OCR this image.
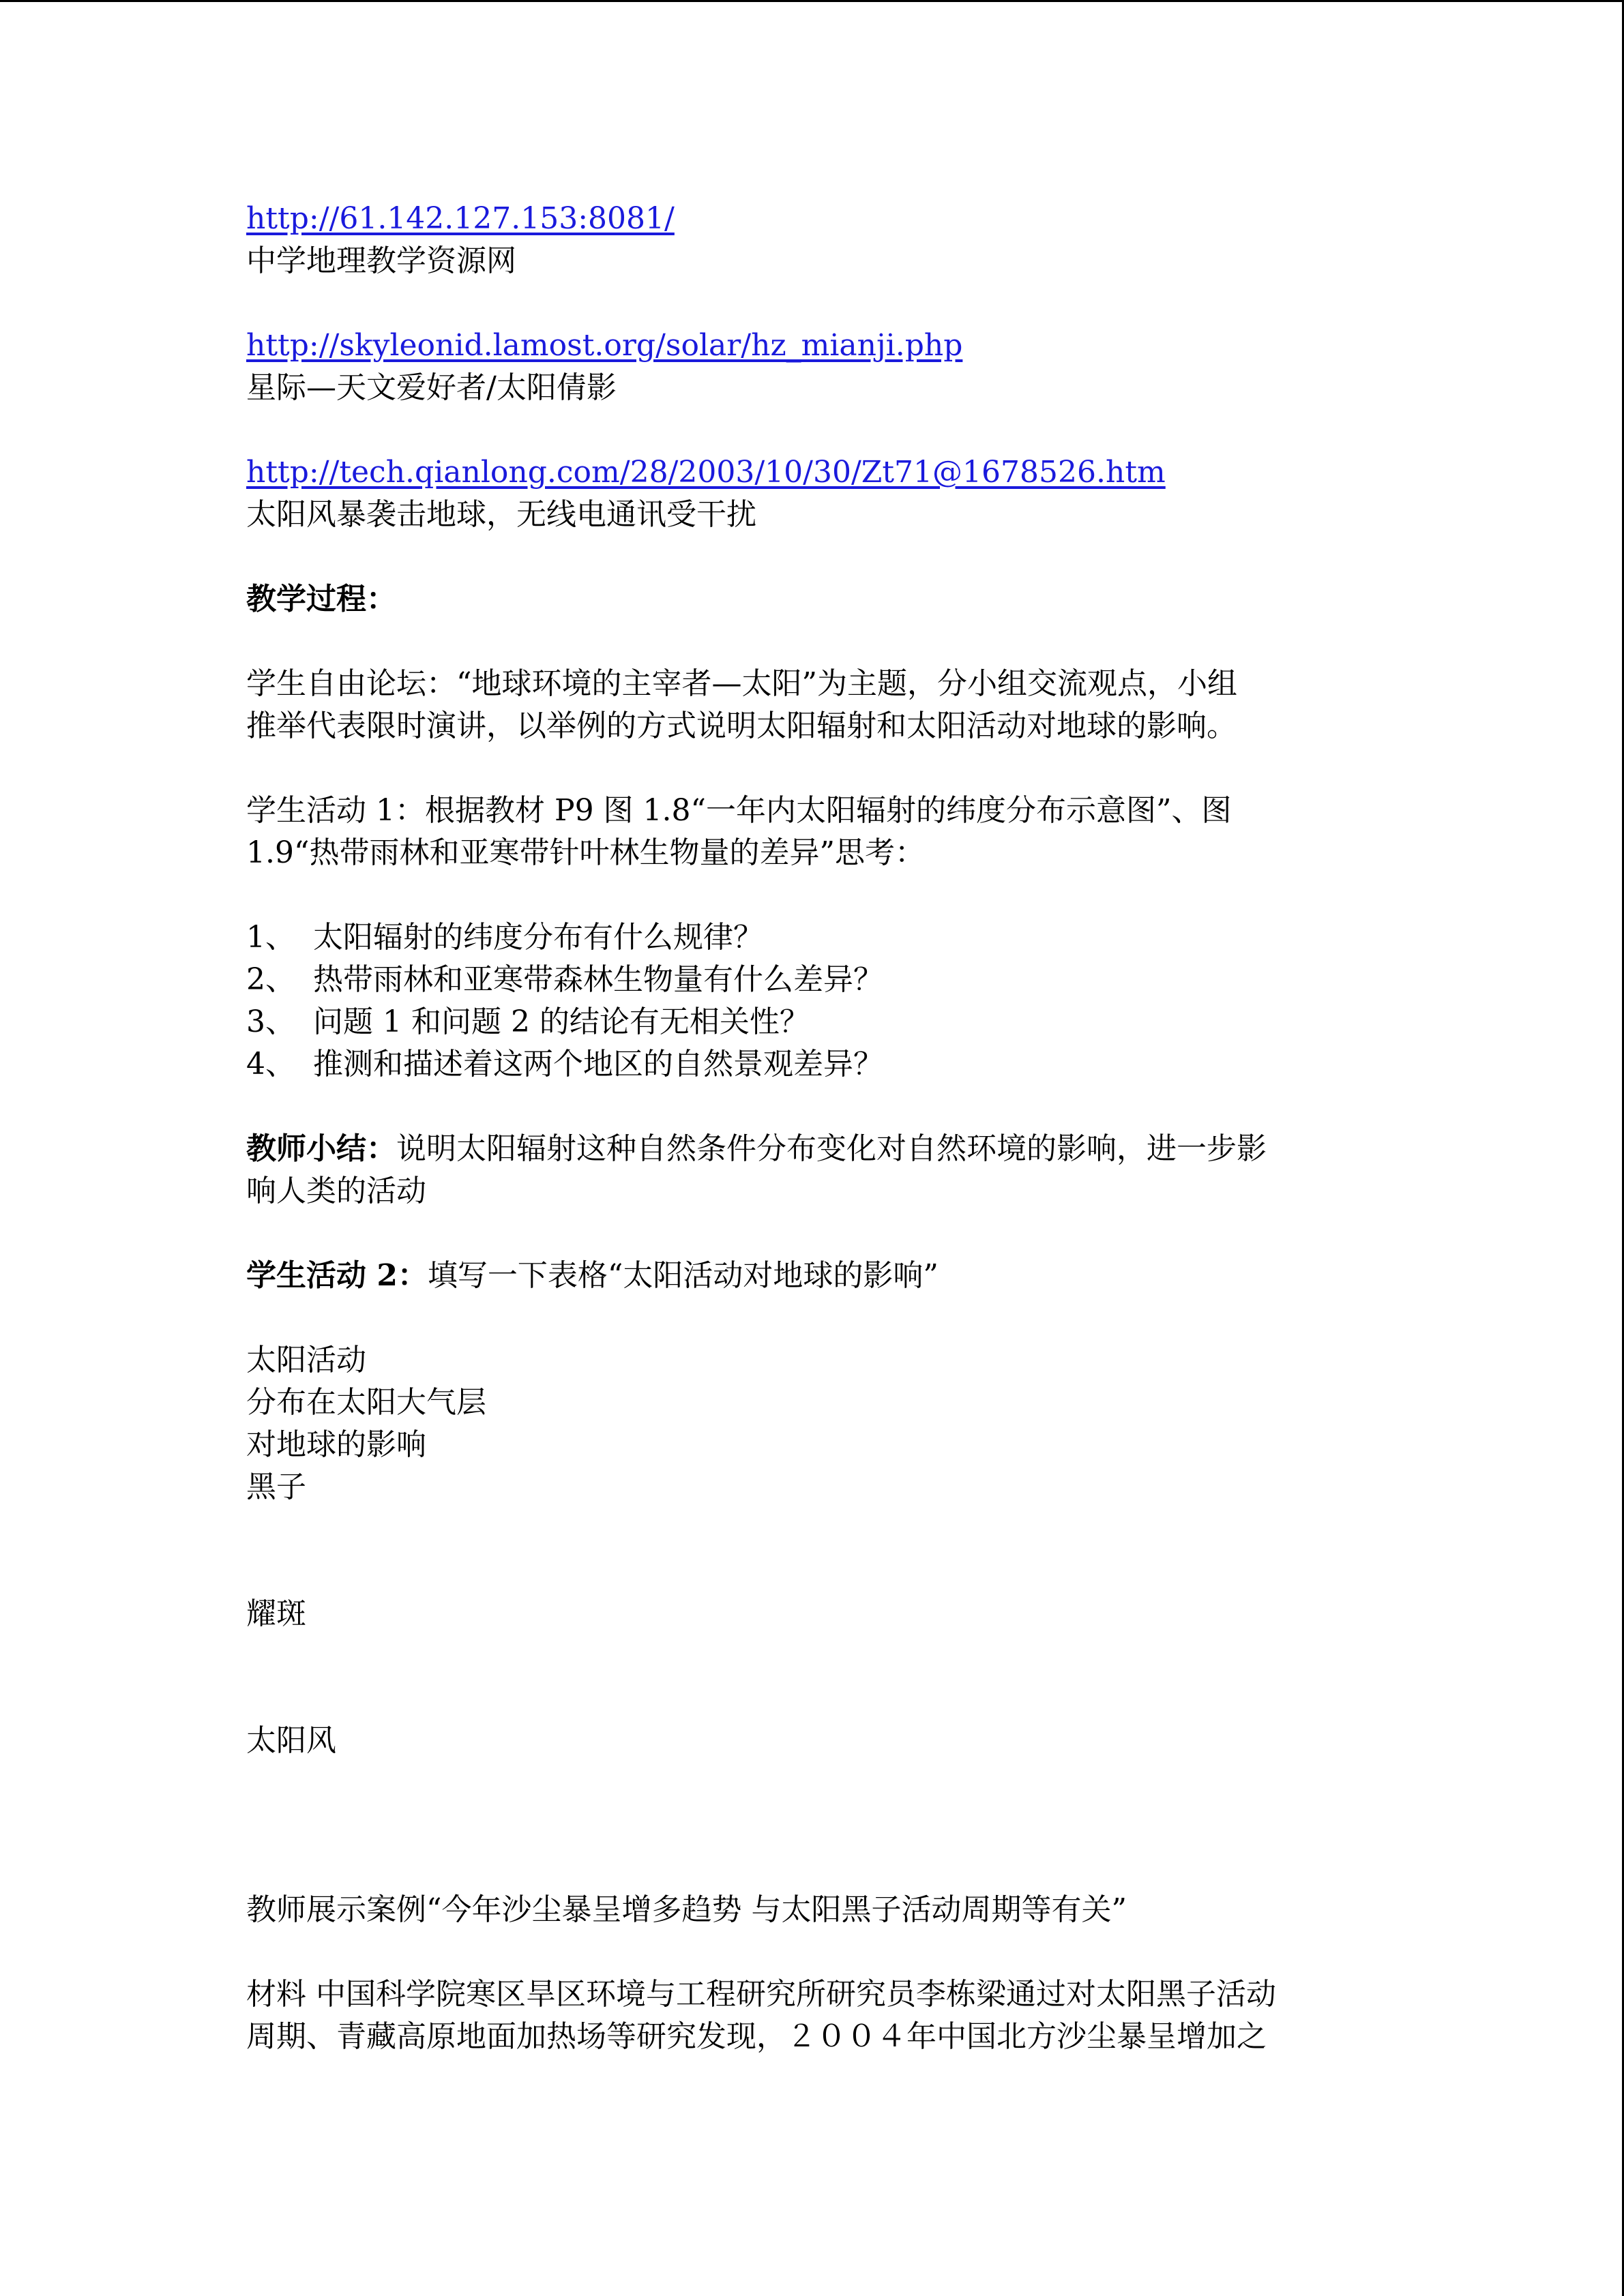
http://61.142.127.153:8081/
中学地理教学资源网
http://skyleonid.lamost.org/solar/hz_mianji.php
星际—天文爱好者/太阳倩影
http://tech.qianlong.com/28/2003/10/30/Zt71@1678526.htm
太阳风暴袭击地球，无线电通讯受干扰
教学过程：
学生自由论坛：“地球环境的主宰者—太阳”为主题，分小组交流观点，小组
推举代表限时演讲，以举例的方式说明太阳辐射和太阳活动对地球的影响。
学生活动 1：根据教材 P9 图 1.8“一年内太阳辐射的纬度分布示意图”、图
1.9“热带雨林和亚寒带针叶林生物量的差异”思考：
1、 太阳辐射的纬度分布有什么规律？
2、 热带雨林和亚寒带森林生物量有什么差异？
3、 问题 1 和问题 2 的结论有无相关性？
4、 推测和描述着这两个地区的自然景观差异？
教师小结：说明太阳辐射这种自然条件分布变化对自然环境的影响，进一步影
响人类的活动
学生活动 2：填写一下表格“太阳活动对地球的影响”
太阳活动
分布在太阳大气层
对地球的影响
黑子
耀斑
太阳风
教师展示案例“今年沙尘暴呈增多趋势 与太阳黑子活动周期等有关”
材料 中国科学院寒区旱区环境与工程研究所研究员李栋梁通过对太阳黑子活动
周期、青藏高原地面加热场等研究发现，２００４年中国北方沙尘暴呈增加之
